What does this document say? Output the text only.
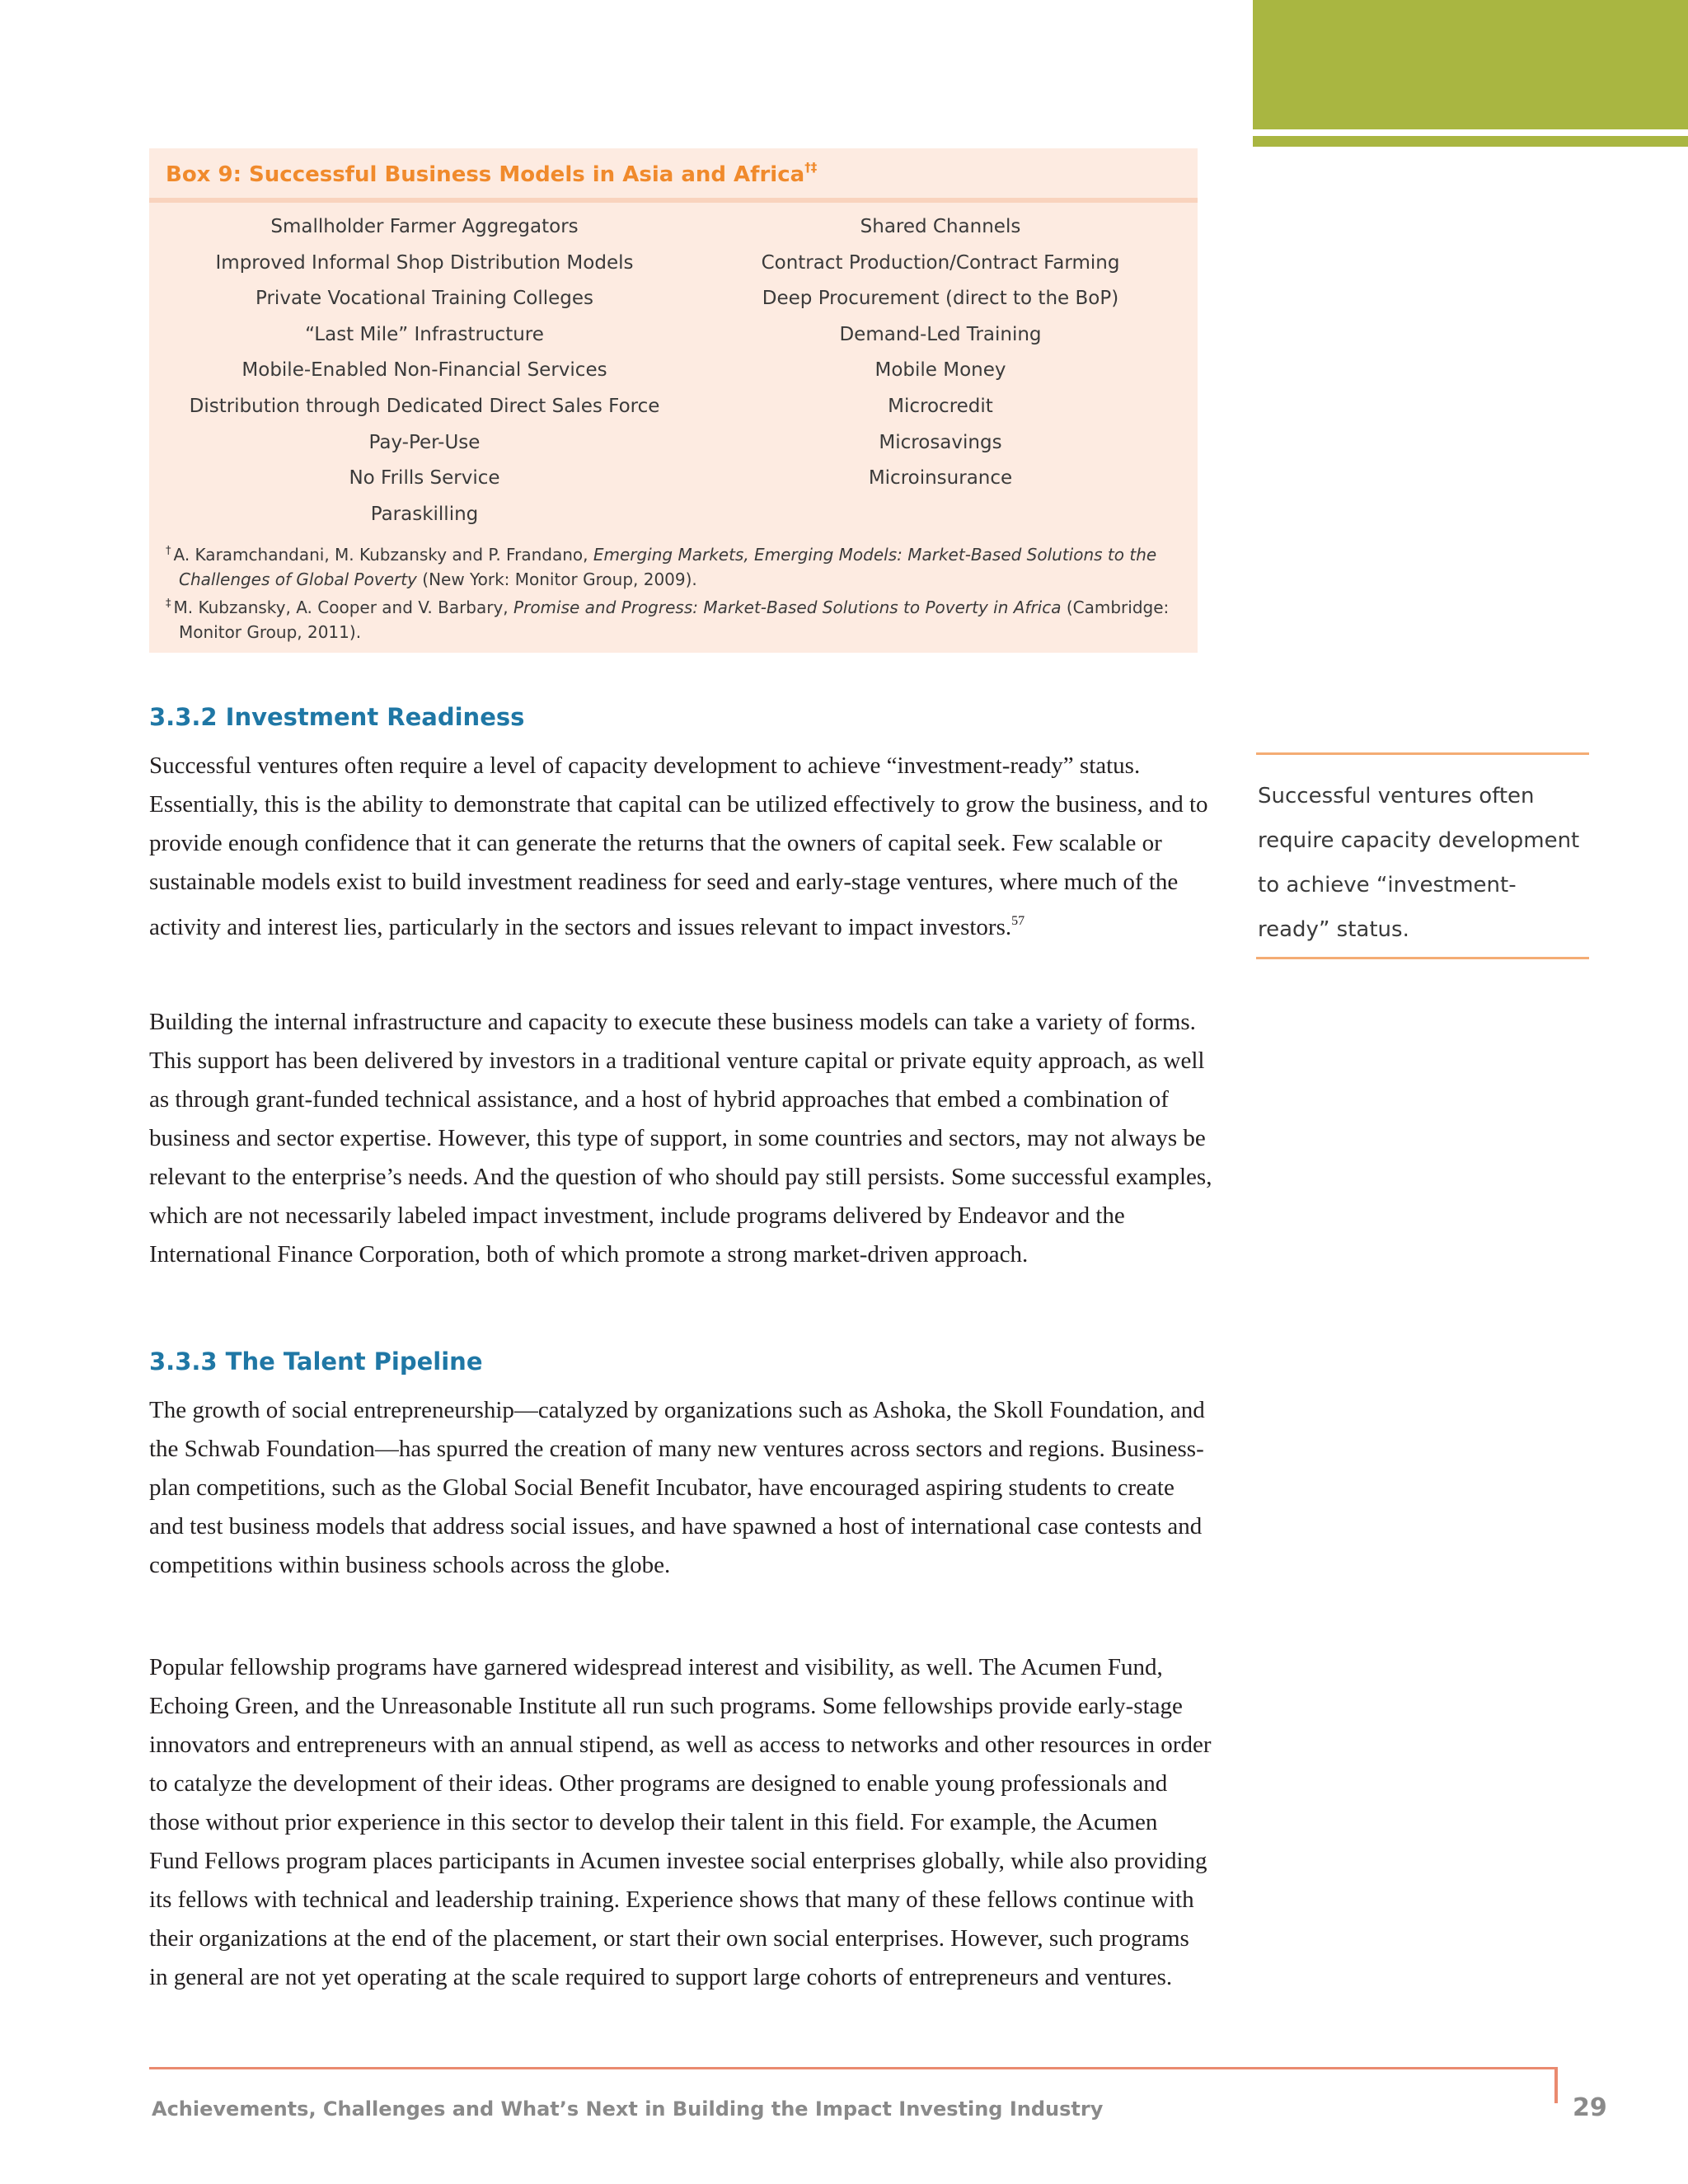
Box 9: Successful Business Models in Asia and Africa†‡
Smallholder Farmer Aggregators
Improved Informal Shop Distribution Models
Private Vocational Training Colleges
“Last Mile” Infrastructure
Mobile-Enabled Non-Financial Services
Distribution through Dedicated Direct Sales Force
Pay-Per-Use
No Frills Service
Paraskilling
Shared Channels
Contract Production/Contract Farming
Deep Procurement (direct to the BoP)
Demand-Led Training
Mobile Money
Microcredit
Microsavings
Microinsurance

† A. Karamchandani, M. Kubzansky and P. Frandano, Emerging Markets, Emerging Models: Market-Based Solutions to the Challenges of Global Poverty (New York: Monitor Group, 2009).

‡ M. Kubzansky, A. Cooper and V. Barbary, Promise and Progress: Market-Based Solutions to Poverty in Africa (Cambridge: Monitor Group, 2011).

3.3.2 Investment Readiness

Successful ventures often require a level of capacity development to achieve “investment-ready” status. Essentially, this is the ability to demonstrate that capital can be utilized effectively to grow the business, and to provide enough confidence that it can generate the returns that the owners of capital seek. Few scalable or sustainable models exist to build investment readiness for seed and early-stage ventures, where much of the activity and interest lies, particularly in the sectors and issues relevant to impact investors.$^{57}$

Building the internal infrastructure and capacity to execute these business models can take a variety of forms. This support has been delivered by investors in a traditional venture capital or private equity approach, as well as through grant-funded technical assistance, and a host of hybrid approaches that embed a combination of business and sector expertise. However, this type of support, in some countries and sectors, may not always be relevant to the enterprise’s needs. And the question of who should pay still persists. Some successful examples, which are not necessarily labeled impact investment, include programs delivered by Endeavor and the International Finance Corporation, both of which promote a strong market-driven approach.

3.3.3 The Talent Pipeline

The growth of social entrepreneurship—catalyzed by organizations such as Ashoka, the Skoll Foundation, and the Schwab Foundation—has spurred the creation of many new ventures across sectors and regions. Business-plan competitions, such as the Global Social Benefit Incubator, have encouraged aspiring students to create and test business models that address social issues, and have spawned a host of international case contests and competitions within business schools across the globe.

Popular fellowship programs have garnered widespread interest and visibility, as well. The Acumen Fund, Echoing Green, and the Unreasonable Institute all run such programs. Some fellowships provide early-stage innovators and entrepreneurs with an annual stipend, as well as access to networks and other resources in order to catalyze the development of their ideas. Other programs are designed to enable young professionals and those without prior experience in this sector to develop their talent in this field. For example, the Acumen Fund Fellows program places participants in Acumen investee social enterprises globally, while also providing its fellows with technical and leadership training. Experience shows that many of these fellows continue with their organizations at the end of the placement, or start their own social enterprises. However, such programs in general are not yet operating at the scale required to support large cohorts of entrepreneurs and ventures.

Successful ventures often require capacity development to achieve “investment-ready” status.

Achievements, Challenges and What’s Next in Building the Impact Investing Industry	29
